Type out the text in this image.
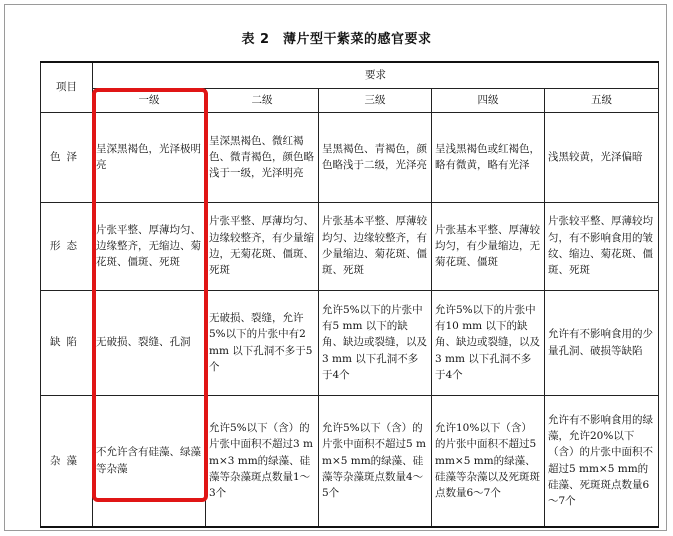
表 2　薄片型干紫菜的感官要求
项目	要求				
	一级	二级	三级	四级	五级
色泽	呈深黑褐色，光泽极明亮	呈深黑褐色、微红褐色、微青褐色，颜色略浅于一级，光泽明亮	呈黑褐色、青褐色，颜色略浅于二级，光泽亮	呈浅黑褐色或红褐色，略有微黄，略有光泽	浅黑较黄，光泽偏暗
形态	片张平整、厚薄均匀、边缘整齐，无缩边、菊花斑、僵斑、死斑	片张平整、厚薄均匀、边缘较整齐，有少量缩边，无菊花斑、僵斑、死斑	片张基本平整、厚薄较均匀、边缘较整齐，有少量缩边、菊花斑、僵斑、死斑	片张基本平整、厚薄较均匀，有少量缩边，无菊花斑、僵斑	片张较平整、厚薄较均匀，有不影响食用的皱纹、缩边、菊花斑、僵斑、死斑
缺陷	无破损、裂缝、孔洞	无破损、裂缝，允许5%以下的片张中有2 mm 以下孔洞不多于5个	允许5%以下的片张中有5 mm 以下的缺角、缺边或裂缝，以及3 mm 以下孔洞不多于4个	允许5%以下的片张中有10 mm 以下的缺角、缺边或裂缝，以及3 mm 以下孔洞不多于4个	允许有不影响食用的少量孔洞、破损等缺陷
杂藻	不允许含有硅藻、绿藻等杂藻	允许5%以下（含）的片张中面积不超过3 mm×3 mm的绿藻、硅藻等杂藻斑点数量1～3个	允许5%以下（含）的片张中面积不超过5 mm×5 mm的绿藻、硅藻等杂藻斑点数量4～5个	允许10%以下（含）的片张中面积不超过5 mm×5 mm的绿藻、硅藻等杂藻以及死斑斑点数量6～7个	允许有不影响食用的绿藻，允许20%以下（含）的片张中面积不超过5 mm×5 mm的硅藻、死斑斑点数量6～7个
